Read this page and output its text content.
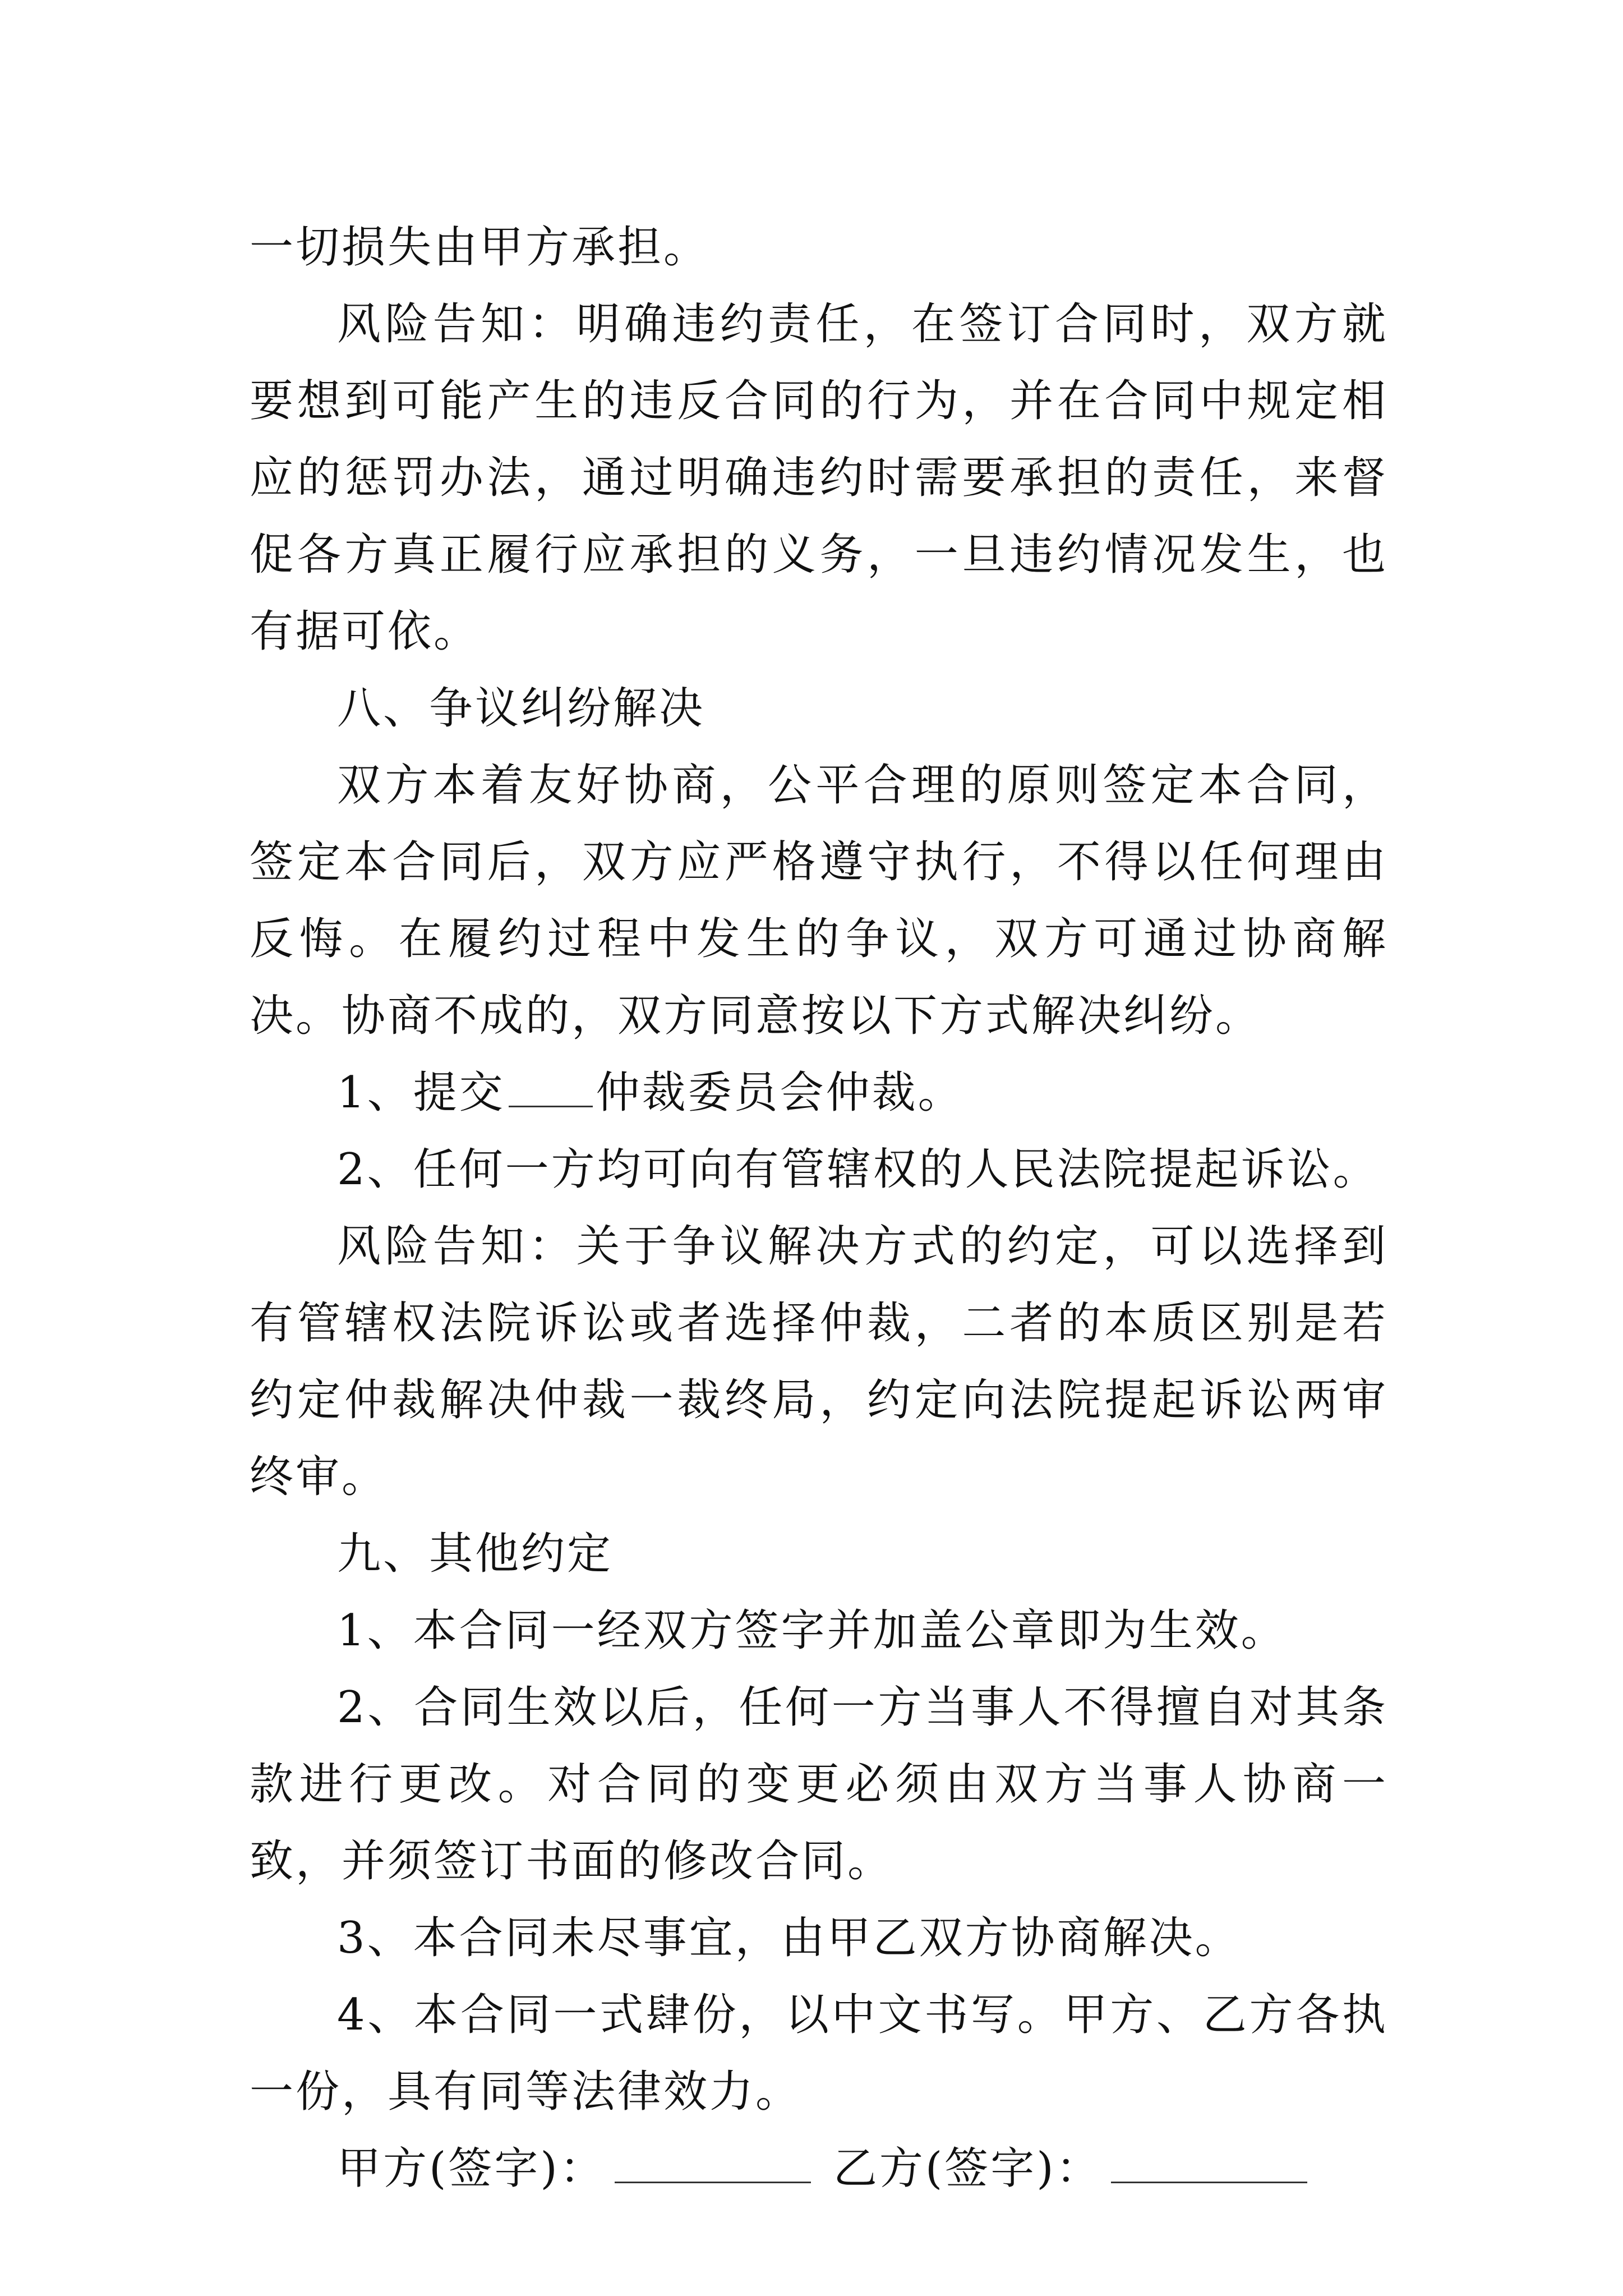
一切损失由甲方承担。

风险告知：明确违约责任，在签订合同时，双方就要想到可能产生的违反合同的行为，并在合同中规定相应的惩罚办法，通过明确违约时需要承担的责任，来督促各方真正履行应承担的义务，一旦违约情况发生，也有据可依。

八、争议纠纷解决

双方本着友好协商，公平合理的原则签定本合同，签定本合同后，双方应严格遵守执行，不得以任何理由反悔。在履约过程中发生的争议，双方可通过协商解决。协商不成的，双方同意按以下方式解决纠纷。

1、提交 仲裁委员会仲裁。

2、任何一方均可向有管辖权的人民法院提起诉讼。

风险告知：关于争议解决方式的约定，可以选择到有管辖权法院诉讼或者选择仲裁，二者的本质区别是若约定仲裁解决仲裁一裁终局，约定向法院提起诉讼两审终审。

九、其他约定

1、本合同一经双方签字并加盖公章即为生效。

2、合同生效以后，任何一方当事人不得擅自对其条款进行更改。对合同的变更必须由双方当事人协商一致，并须签订书面的修改合同。

3、本合同未尽事宜，由甲乙双方协商解决。

4、本合同一式肆份，以中文书写。甲方、乙方各执一份，具有同等法律效力。

甲方(签字)：	乙方(签字)：
